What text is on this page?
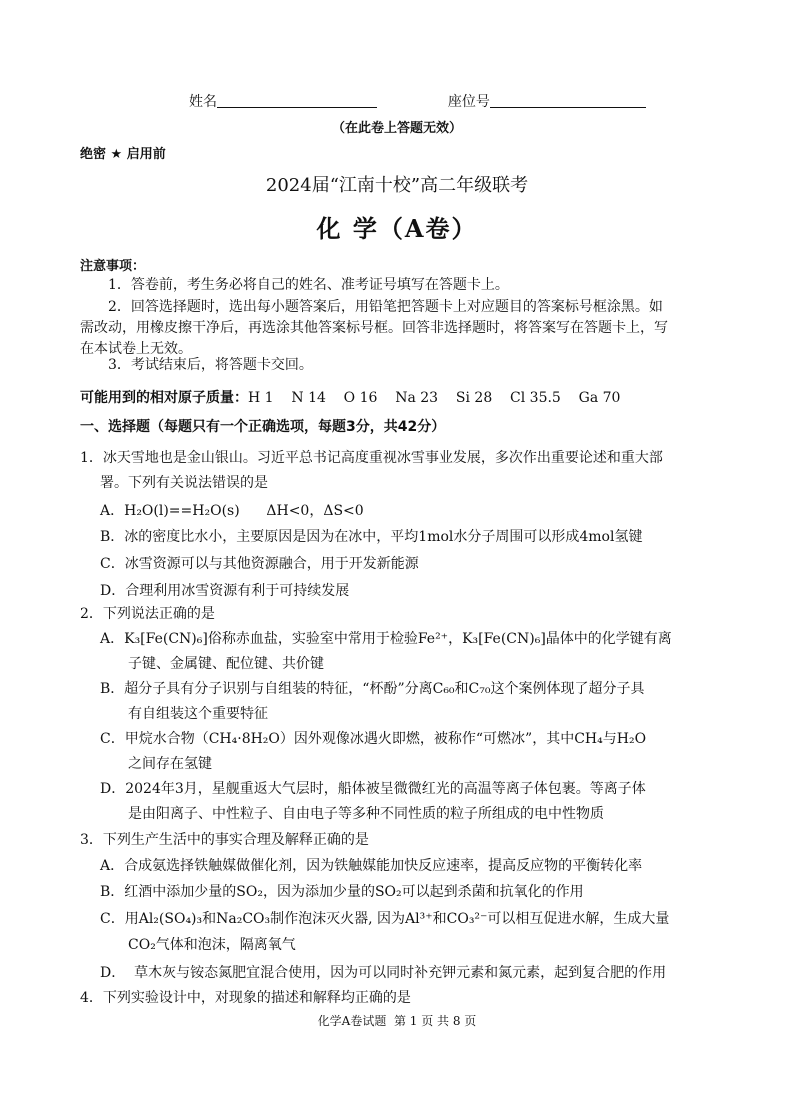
姓名	座位号
（在此卷上答题无效）
绝密 ★ 启用前
2024届“江南十校”高二年级联考
化 学（A卷）
注意事项：
1．答卷前，考生务必将自己的姓名、准考证号填写在答题卡上。
2．回答选择题时，选出每小题答案后，用铅笔把答题卡上对应题目的答案标号框涂黑。如
需改动，用橡皮擦干净后，再选涂其他答案标号框。回答非选择题时，将答案写在答题卡上，写
在本试卷上无效。
3．考试结束后，将答题卡交回。
可能用到的相对原子质量：H 1    N 14    O 16    Na 23    Si 28    Cl 35.5    Ga 70
一、选择题（每题只有一个正确选项，每题3分，共42分）
1．冰天雪地也是金山银山。习近平总书记高度重视冰雪事业发展，多次作出重要论述和重大部
署。下列有关说法错误的是
A．H₂O(l)==H₂O(s)      ΔH<0，ΔS<0
B．冰的密度比水小，主要原因是因为在冰中，平均1mol水分子周围可以形成4mol氢键
C．冰雪资源可以与其他资源融合，用于开发新能源
D．合理利用冰雪资源有利于可持续发展
2．下列说法正确的是
A．K₃[Fe(CN)₆]俗称赤血盐，实验室中常用于检验Fe²⁺，K₃[Fe(CN)₆]晶体中的化学键有离
子键、金属键、配位键、共价键
B．超分子具有分子识别与自组装的特征，“杯酚”分离C₆₀和C₇₀这个案例体现了超分子具
有自组装这个重要特征
C．甲烷水合物（CH₄·8H₂O）因外观像冰遇火即燃，被称作“可燃冰”，其中CH₄与H₂O
之间存在氢键
D．2024年3月，星舰重返大气层时，船体被呈微微红光的高温等离子体包裹。等离子体
是由阳离子、中性粒子、自由电子等多种不同性质的粒子所组成的电中性物质
3．下列生产生活中的事实合理及解释正确的是
A．合成氨选择铁触媒做催化剂，因为铁触媒能加快反应速率，提高反应物的平衡转化率
B．红酒中添加少量的SO₂，因为添加少量的SO₂可以起到杀菌和抗氧化的作用
C．用Al₂(SO₄)₃和Na₂CO₃制作泡沫灭火器, 因为Al³⁺和CO₃²⁻可以相互促进水解，生成大量
CO₂气体和泡沫，隔离氧气
D．  草木灰与铵态氮肥宜混合使用，因为可以同时补充钾元素和氮元素，起到复合肥的作用
4．下列实验设计中，对现象的描述和解释均正确的是
化学A卷试题  第 1 页 共 8 页
